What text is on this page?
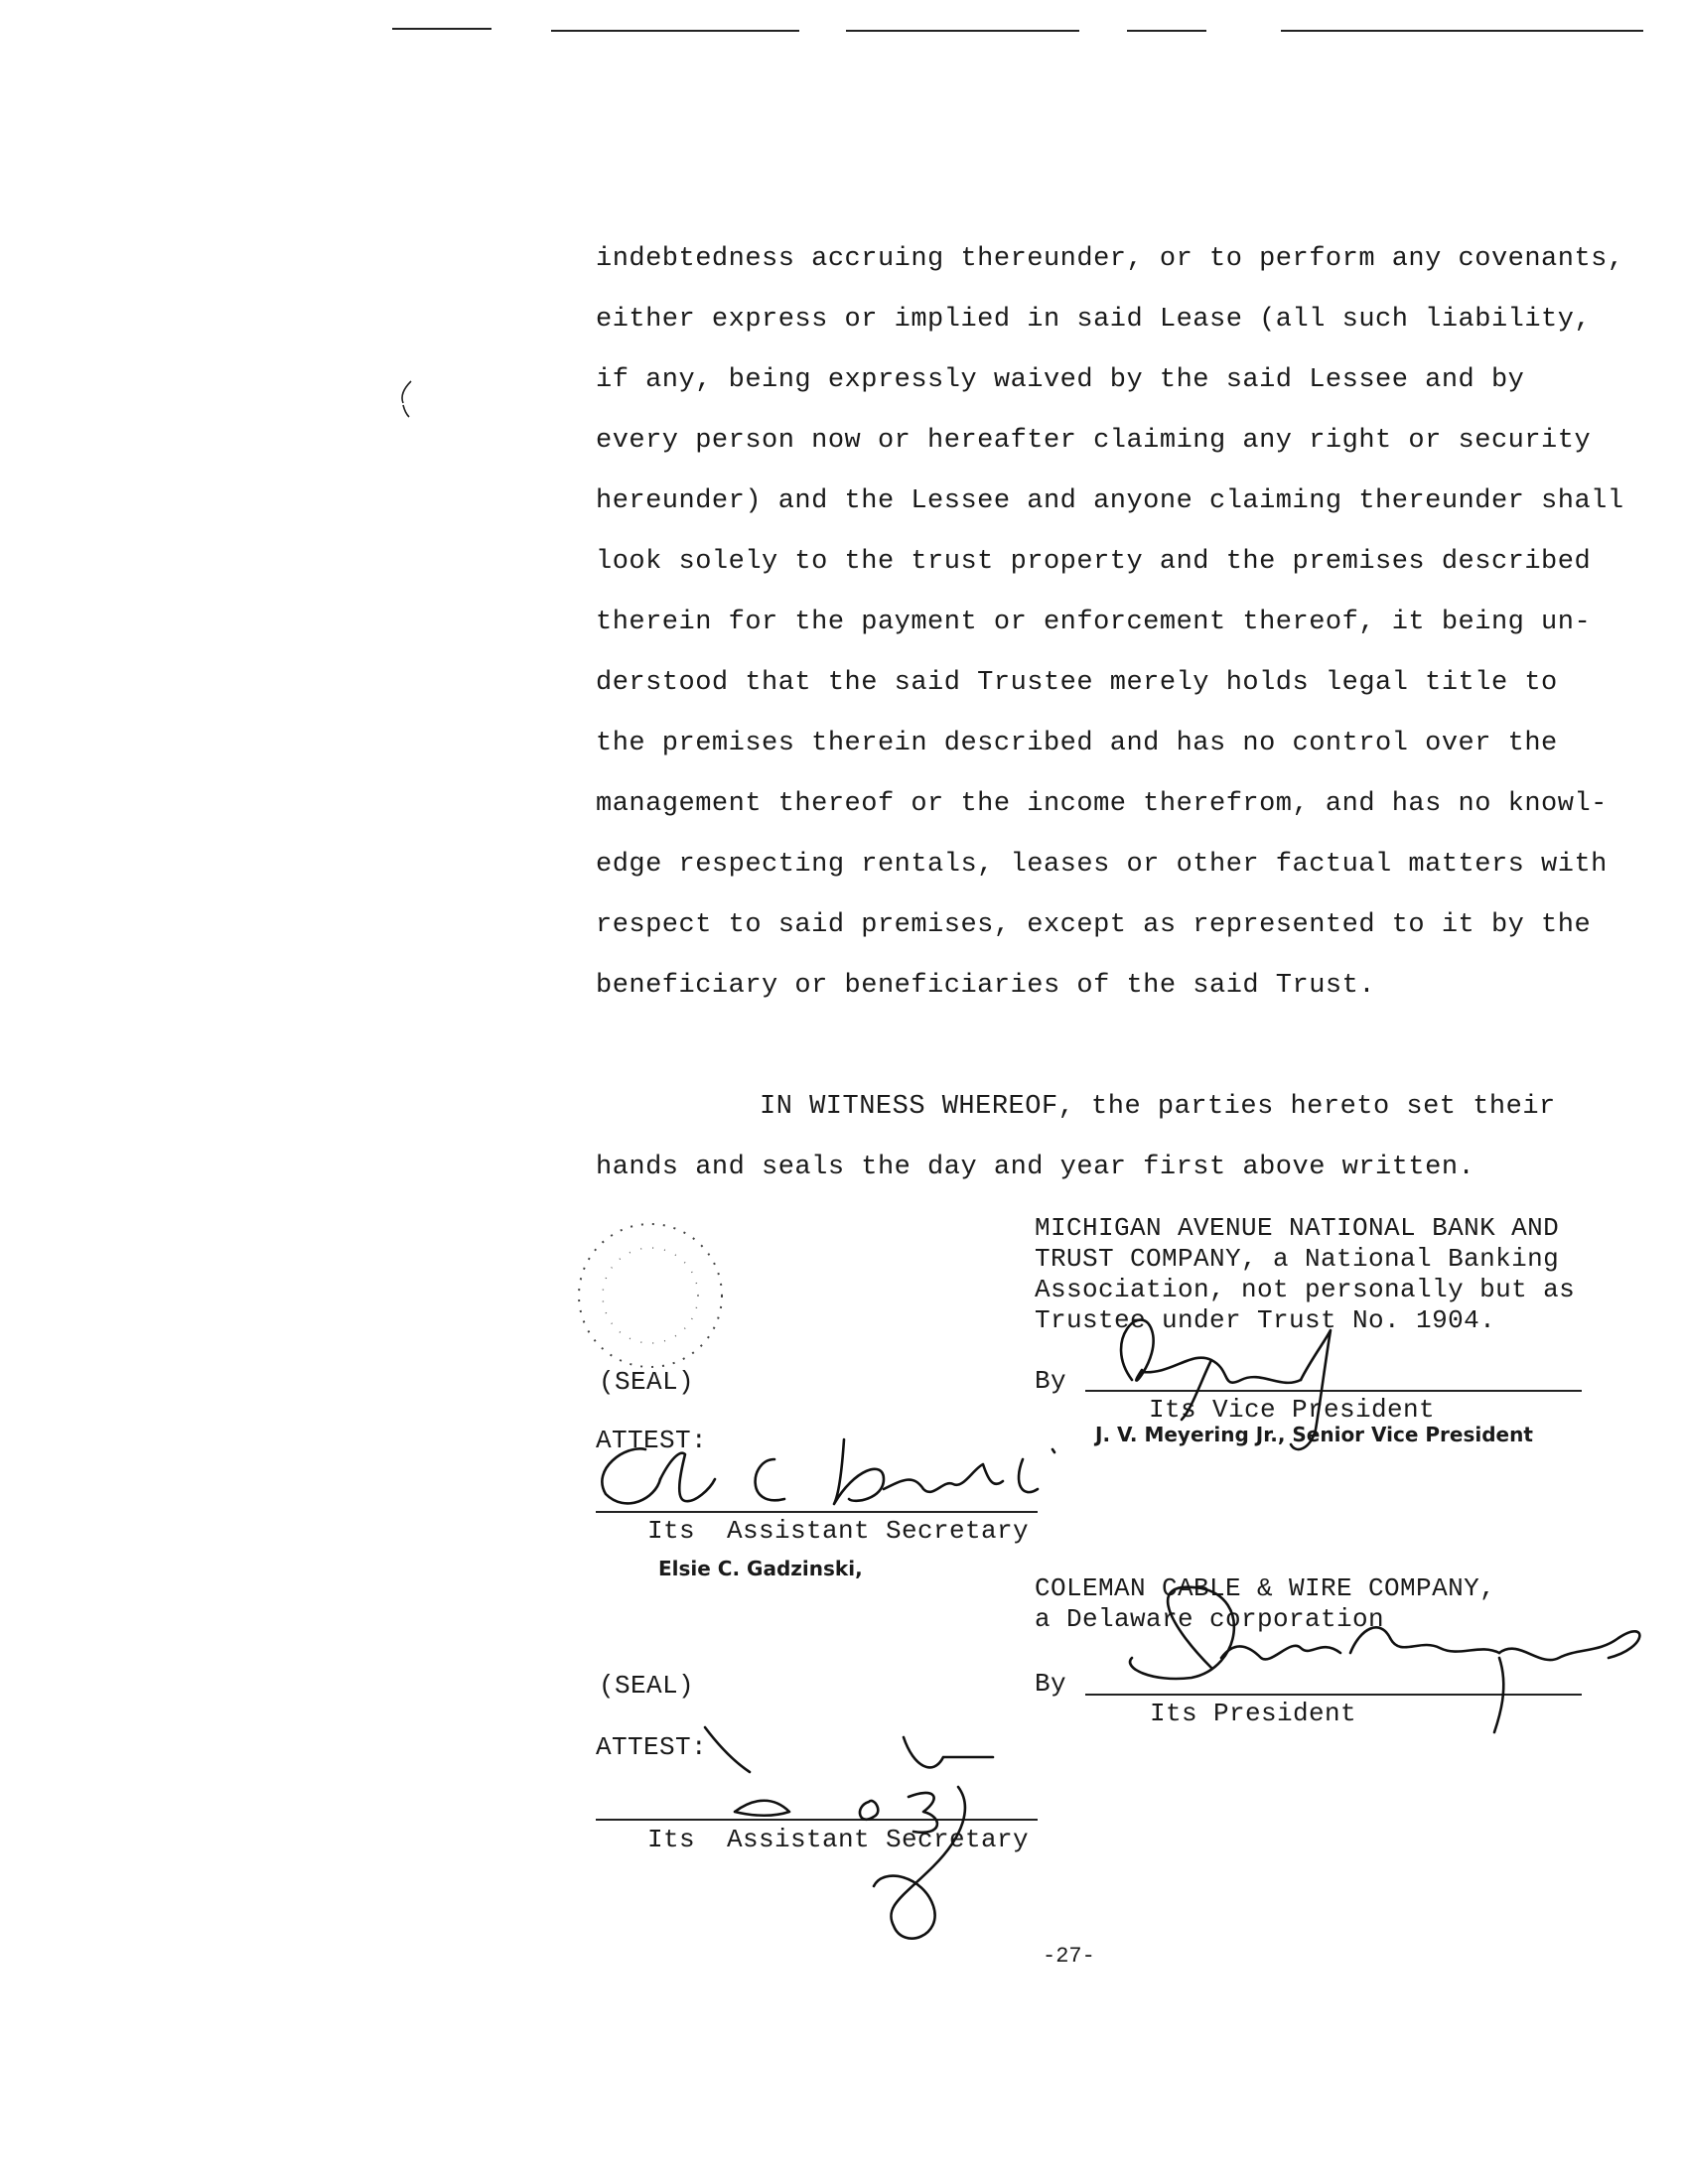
indebtedness accruing thereunder, or to perform any covenants,
either express or implied in said Lease (all such liability,
if any, being expressly waived by the said Lessee and by
every person now or hereafter claiming any right or security
hereunder) and the Lessee and anyone claiming thereunder shall
look solely to the trust property and the premises described
therein for the payment or enforcement thereof, it being un-
derstood that the said Trustee merely holds legal title to
the premises therein described and has no control over the
management thereof or the income therefrom, and has no knowl-
edge respecting rentals, leases or other factual matters with
respect to said premises, except as represented to it by the
beneficiary or beneficiaries of the said Trust.
IN WITNESS WHEREOF, the parties hereto set their
hands and seals the day and year first above written.
MICHIGAN AVENUE NATIONAL BANK AND
TRUST COMPANY, a National Banking
Association, not personally but as
Trustee under Trust No. 1904.
By
Its Vice President
J. V. Meyering Jr., Senior Vice President
(SEAL)
ATTEST:
Its  Assistant Secretary
Elsie C. Gadzinski,
COLEMAN CABLE & WIRE COMPANY,
a Delaware corporation
By
Its President
(SEAL)
ATTEST:
Its  Assistant Secretary
-27-
